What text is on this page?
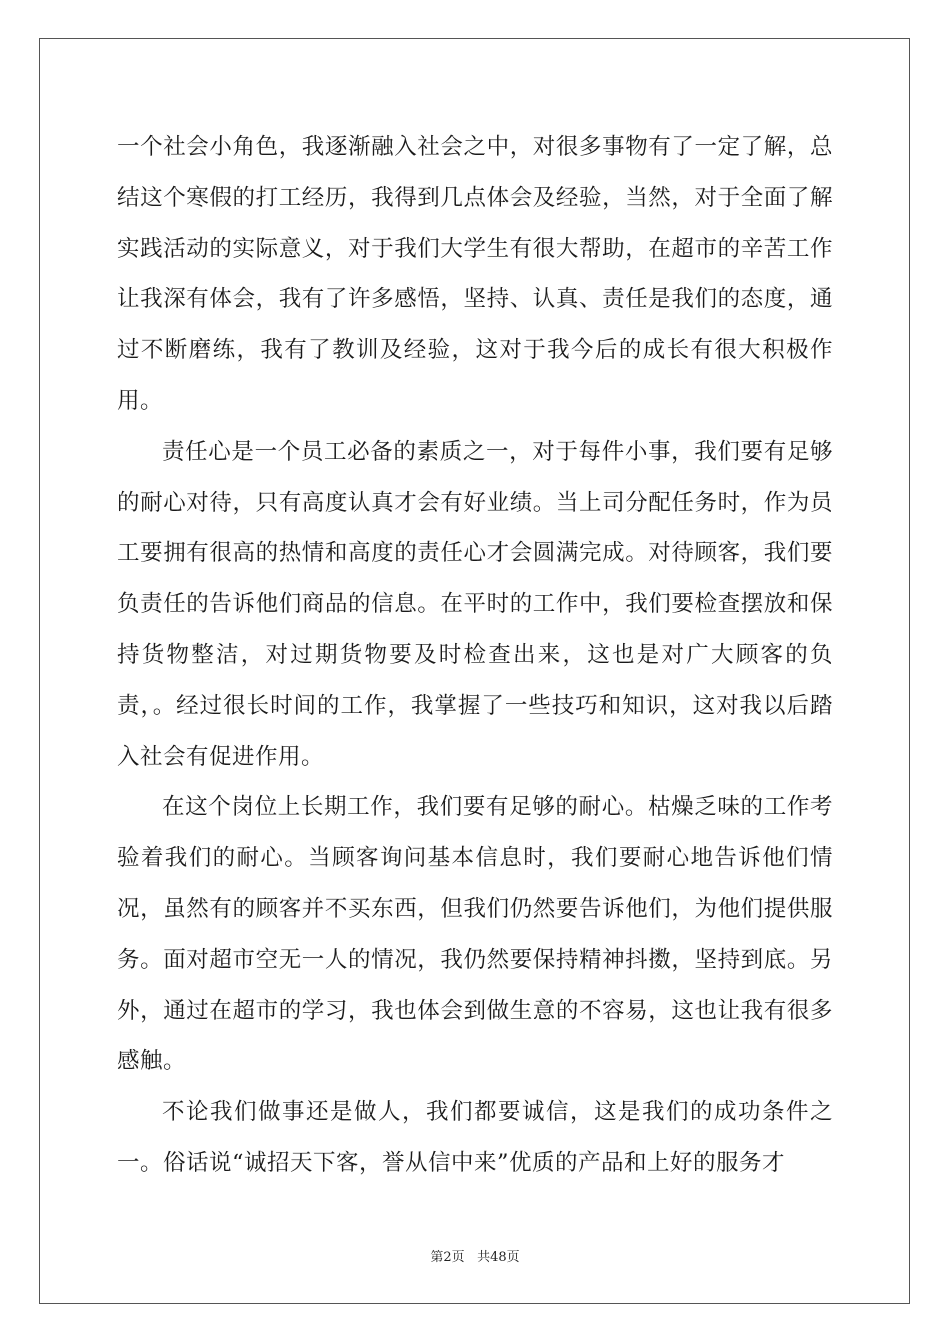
一个社会小角色，我逐渐融入社会之中，对很多事物有了一定了解，总结这个寒假的打工经历，我得到几点体会及经验，当然，对于全面了解实践活动的实际意义，对于我们大学生有很大帮助，在超市的辛苦工作让我深有体会，我有了许多感悟，坚持、认真、责任是我们的态度，通过不断磨练，我有了教训及经验，这对于我今后的成长有很大积极作用。

责任心是一个员工必备的素质之一，对于每件小事，我们要有足够的耐心对待，只有高度认真才会有好业绩。当上司分配任务时，作为员工要拥有很高的热情和高度的责任心才会圆满完成。对待顾客，我们要负责任的告诉他们商品的信息。在平时的工作中，我们要检查摆放和保持货物整洁，对过期货物要及时检查出来，这也是对广大顾客的负责，。经过很长时间的工作，我掌握了一些技巧和知识，这对我以后踏入社会有促进作用。

在这个岗位上长期工作，我们要有足够的耐心。枯燥乏味的工作考验着我们的耐心。当顾客询问基本信息时，我们要耐心地告诉他们情况，虽然有的顾客并不买东西，但我们仍然要告诉他们，为他们提供服务。面对超市空无一人的情况，我仍然要保持精神抖擞，坚持到底。另外，通过在超市的学习，我也体会到做生意的不容易，这也让我有很多感触。

不论我们做事还是做人，我们都要诚信，这是我们的成功条件之一。俗话说“诚招天下客，誉从信中来”优质的产品和上好的服务才

第2页 共48页
